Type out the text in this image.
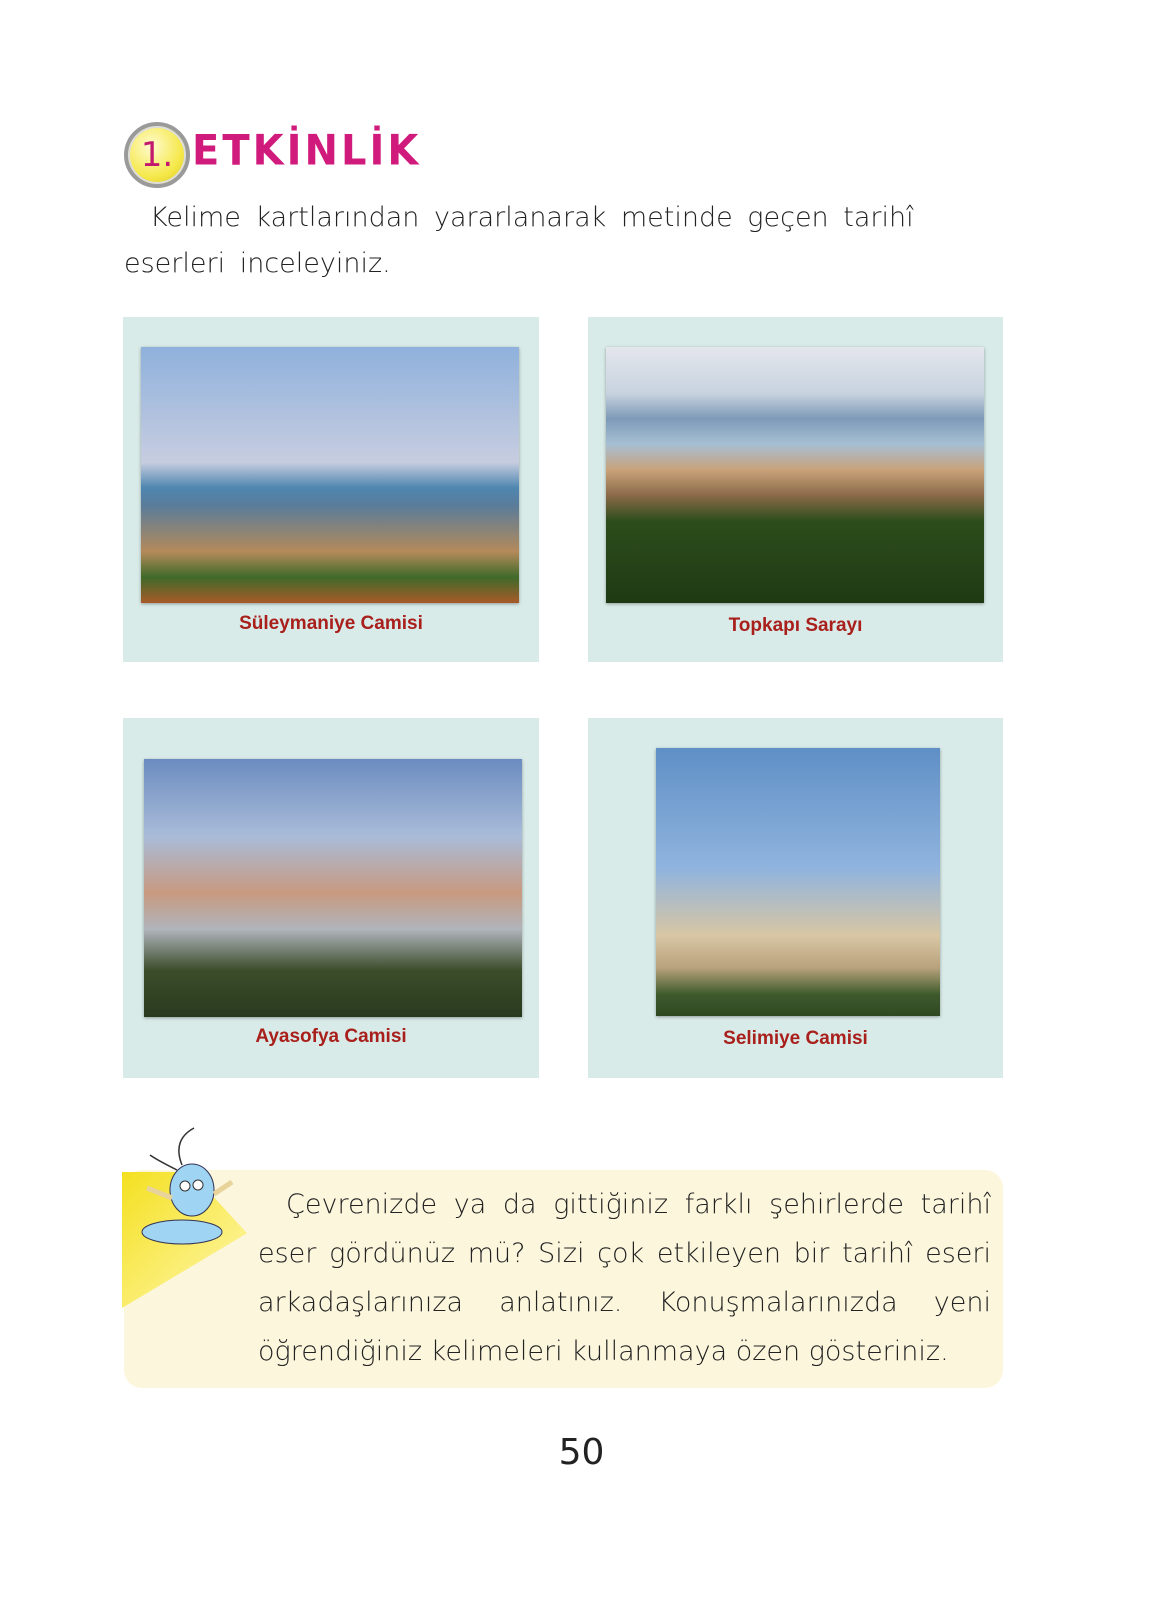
1. ETKİNLİK
Kelime kartlarından yararlanarak metinde geçen tarihî eserleri inceleyiniz.
Süleymaniye Camisi	Topkapı Sarayı
Ayasofya Camisi	Selimiye Camisi
Çevrenizde ya da gittiğiniz farklı şehirlerde tarihî eser gördünüz mü? Sizi çok etkileyen bir tarihî eseri arkadaşlarınıza anlatınız. Konuşmalarınızda yeni öğrendiğiniz kelimeleri kullanmaya özen gösteriniz.
50
